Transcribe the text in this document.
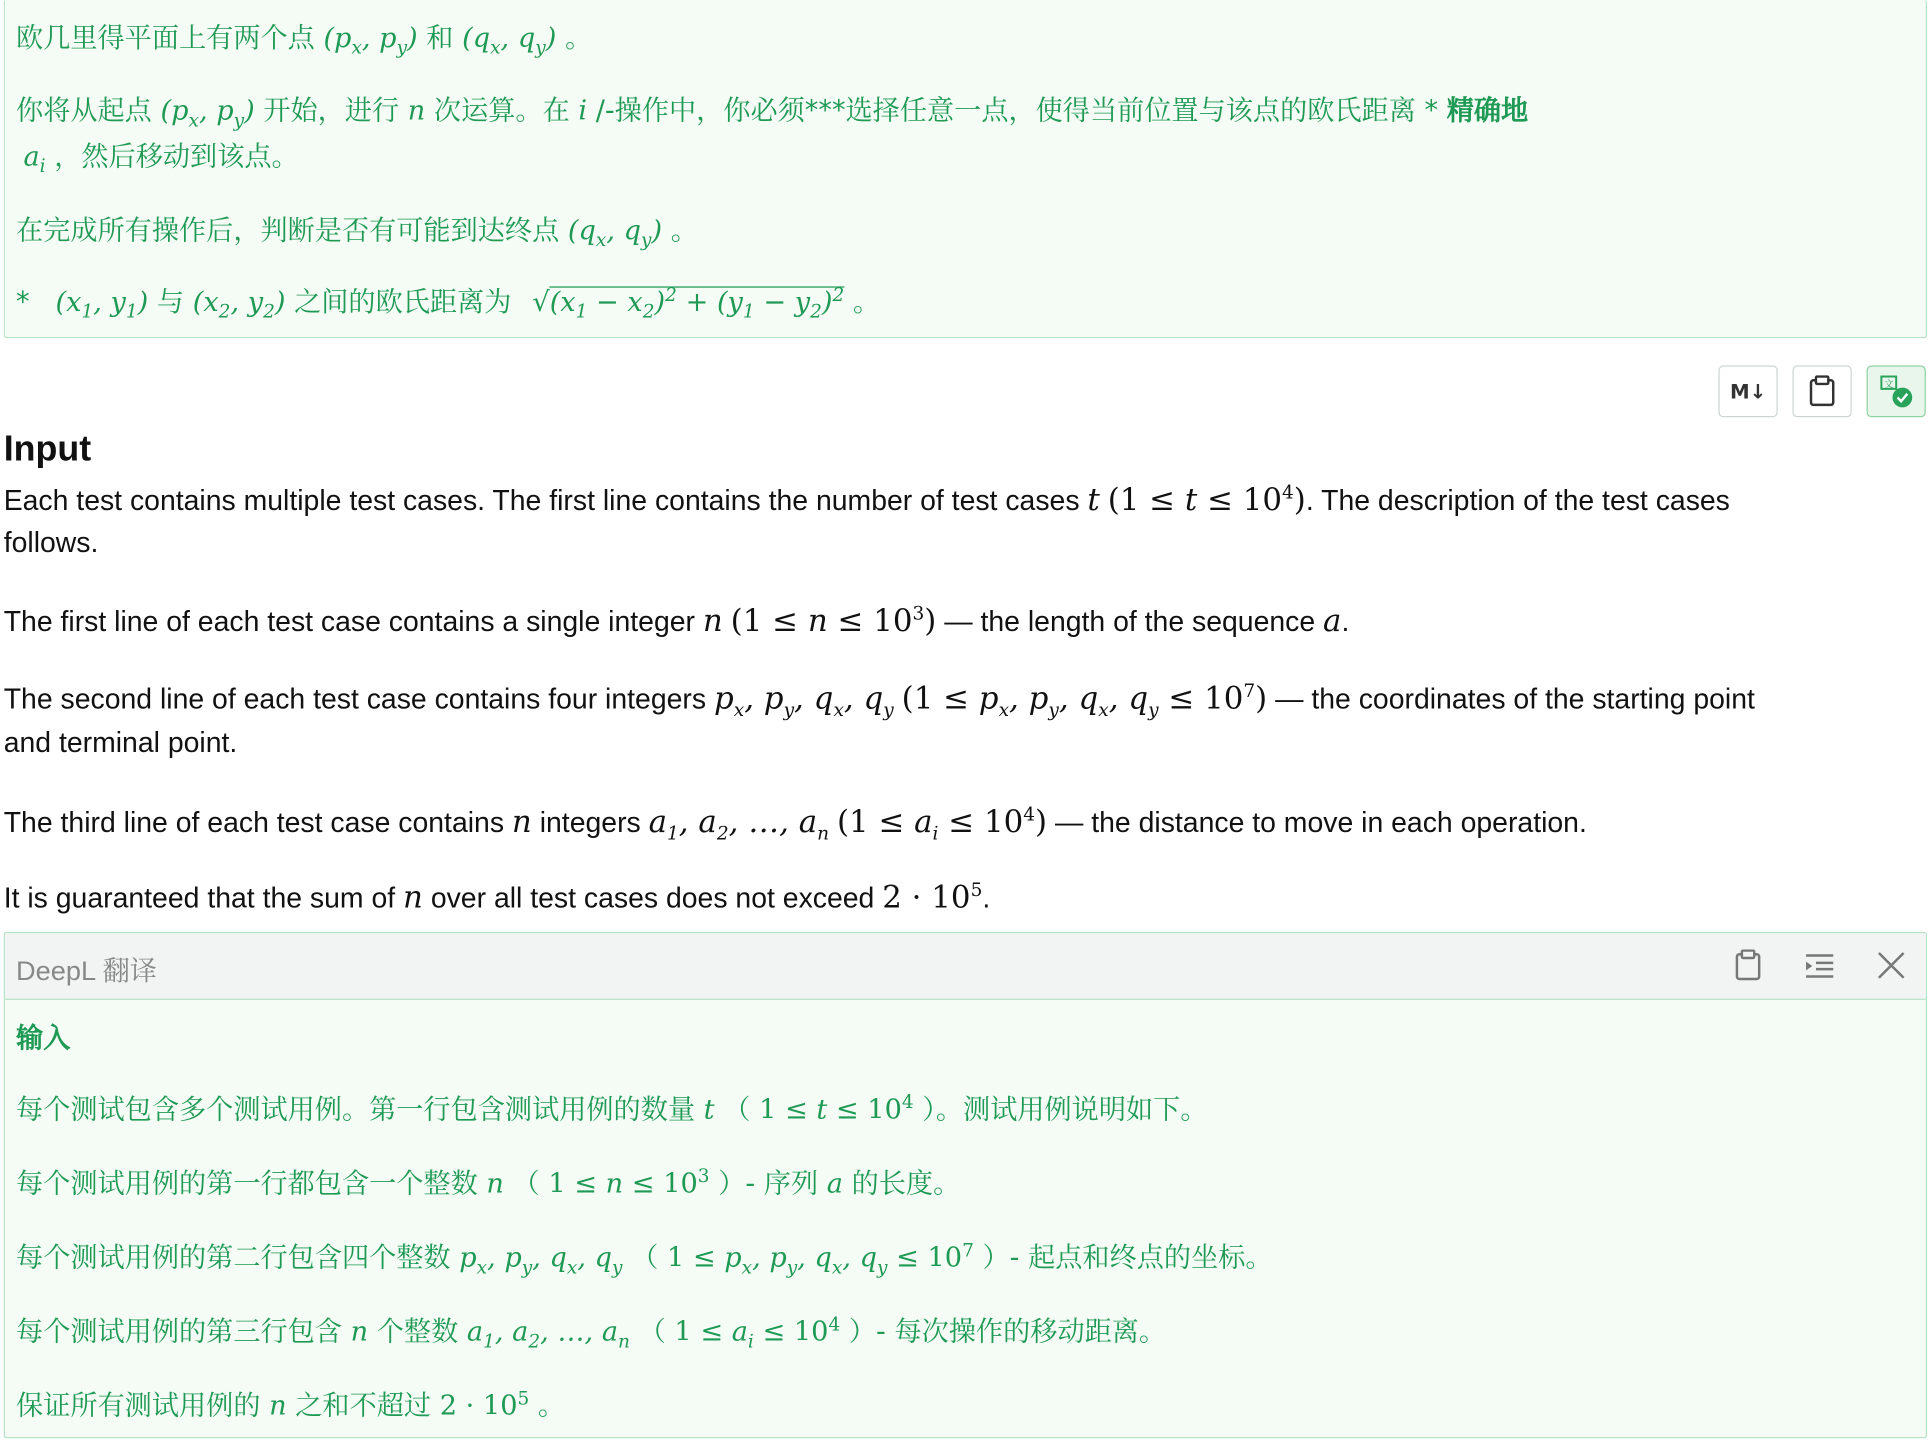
欧几里得平面上有两个点 ($p_x$, $p_y$) 和 ($q_x$, $q_y$) 。
你将从起点 ($p_x$, $p_y$) 开始，进行 n 次运算。在 i /-操作中，你必须***选择任意一点，使得当前位置与该点的欧氏距离 * 精确地
$a_i$ ，然后移动到该点。
在完成所有操作后，判断是否有可能到达终点 ($q_x$, $q_y$) 。
* ($x_1$, $y_1$) 与 ($x_2$, $y_2$) 之间的欧氏距离为 $√(x_1 - x_2)^2 + (y_1 - y_2)^2$ 。
M↓	文
Input
Each test contains multiple test cases. The first line contains the number of test cases t $(1 \le t \le 10^4)$. The description of the test cases
follows.
The first line of each test case contains a single integer n $(1 \le n \le 10^3)$ — the length of the sequence a.
The second line of each test case contains four integers $p_x$, $p_y$, $q_x$, $q_y$ ($1 \le p_x$, $p_y$, $q_x$, $q_y \le 10^7$) — the coordinates of the starting point
and terminal point.
The third line of each test case contains n integers $a_1$, $a_2$, …, $a_n$ $(1 \le a_i \le 10^4)$ — the distance to move in each operation.
It is guaranteed that the sum of n over all test cases does not exceed $2 \cdot 10^5$.
DeepL 翻译
输入
每个测试包含多个测试用例。第一行包含测试用例的数量 t （ $1 \le t \le 10^4$ ）。测试用例说明如下。
每个测试用例的第一行都包含一个整数 n （ $1 \le n \le 10^3$ ）- 序列 a 的长度。
每个测试用例的第二行包含四个整数 $p_x$, $p_y$, $q_x$, $q_y$ （ $1 \le p_x$, $p_y$, $q_x$, $q_y \le 10^7$ ）- 起点和终点的坐标。
每个测试用例的第三行包含 n 个整数 $a_1$, $a_2$, …, $a_n$ （ $1 \le a_i \le 10^4$ ）- 每次操作的移动距离。
保证所有测试用例的 n 之和不超过 $2 \cdot 10^5$ 。
